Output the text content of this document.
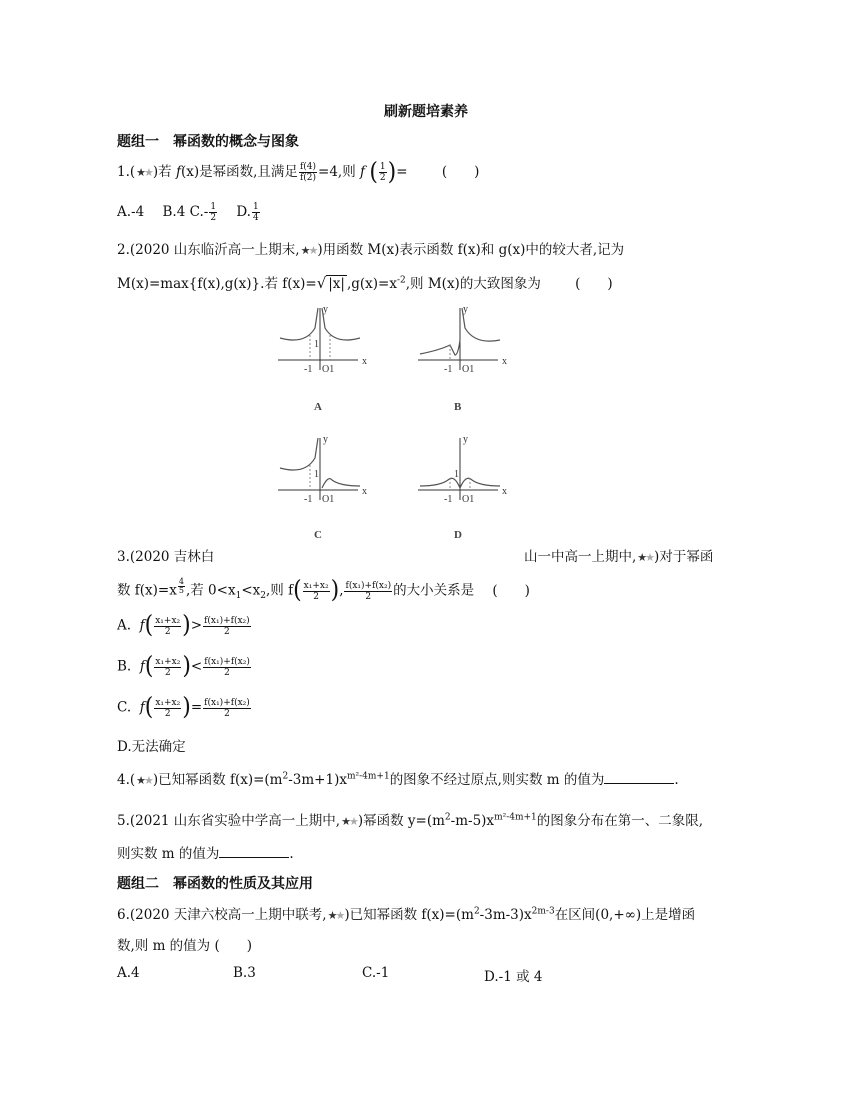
刷新题培素养
题组一　幂函数的概念与图象
1.(★★)若 f(x)是幂函数,且满足 $\frac{f(4)}{f(2)} =4$,则 f ( $\frac{1}{2}$ )=	(　　)
A.-4 B.4 $C.- \frac{1}{2} D$. $\frac{1}{4}$
2.(2020 山东临沂高一上期末,★★)用函数 M(x)表示函数 f(x)和 g(x)中的较大者,记为
M(x)=max{f(x),g(x)}.若 f(x)=√ |x| $,g(x)=x^{-2}$,则 M(x)的大致图象为	(　　)
-1 O1
x
y
1
-1 O1
x
y
-1 O1
x
y
1
-1 O1
x
y
1
A	B
C	D
3.(2020 吉林白	山一中高一上期中,★★)对于幂函
数 f(x)=x $^{\frac{4}{5}}$ ,若 $0<x_1<x_2$,则 $f( \frac{\text{x₁+x₂}}{2}$ ), $\frac{\text{f(x₁)+f(x₂)}}{2}$ 的大小关系是 (　　)
A. $f( \frac{\text{x₁+x₂}}{2}$ )> $\frac{\text{f(x₁)+f(x₂)}}{2}$
B. $f( \frac{\text{x₁+x₂}}{2}$ )< $\frac{\text{f(x₁)+f(x₂)}}{2}$
C. $f( \frac{\text{x₁+x₂}}{2}$ )= $\frac{\text{f(x₁)+f(x₂)}}{2}$
D.无法确定
4.(★★)已知幂函数 $f(x)=(m^2-3m+1)x^{m^2-4m+1}$的图象不经过原点,则实数 m 的值为	.
5.(2021 山东省实验中学高一上期中,★★)幂函数 $y=(m^2-m-5)x^{m^2-4m+1}$的图象分布在第一、二象限,
则实数 m 的值为	.
题组二　幂函数的性质及其应用
6.(2020 天津六校高一上期中联考,★★)已知幂函数 $f(x)=(m^2-3m-3)x^{2m-3}$在区间(0,+∞)上是增函
数,则 m 的值为 (　　)
A.4	B.3	C.-1	D.-1 或 4
